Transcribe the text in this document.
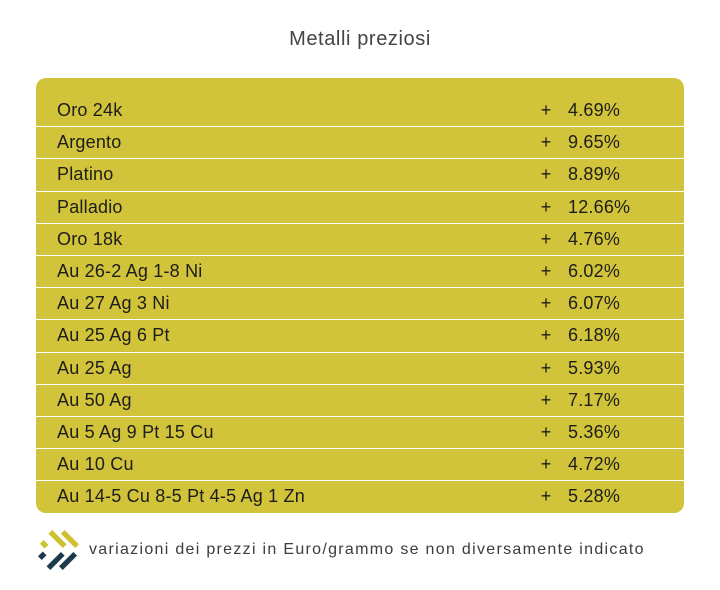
Metalli preziosi
Oro 24k	+ 4.69%
Argento	+ 9.65%
Platino	+ 8.89%
Palladio	+ 12.66%
Oro 18k	+ 4.76%
Au 26-2 Ag 1-8 Ni	+ 6.02%
Au 27 Ag 3 Ni	+ 6.07%
Au 25 Ag 6 Pt	+ 6.18%
Au 25 Ag	+ 5.93%
Au 50 Ag	+ 7.17%
Au 5 Ag 9 Pt 15 Cu	+ 5.36%
Au 10 Cu	+ 4.72%
Au 14-5 Cu 8-5 Pt 4-5 Ag 1 Zn	+ 5.28%
variazioni dei prezzi in Euro/grammo se non diversamente indicato
